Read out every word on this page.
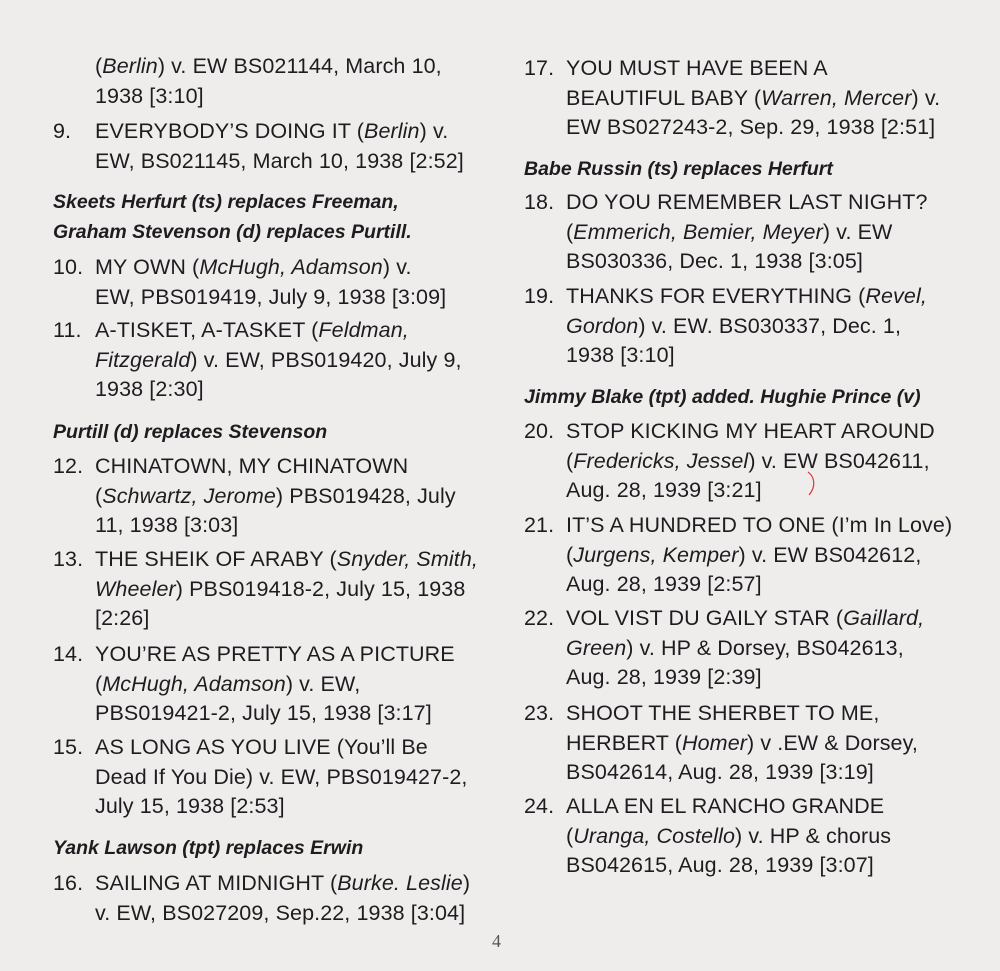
(Berlin) v. EW BS021144, March 10,
1938 [3:10]
9. EVERYBODY’S DOING IT (Berlin) v.
EW, BS021145, March 10, 1938 [2:52]
Skeets Herfurt (ts) replaces Freeman,
Graham Stevenson (d) replaces Purtill.
10. MY OWN (McHugh, Adamson) v.
EW, PBS019419, July 9, 1938 [3:09]
11. A-TISKET, A-TASKET (Feldman,
Fitzgerald) v. EW, PBS019420, July 9,
1938 [2:30]
Purtill (d) replaces Stevenson
12. CHINATOWN, MY CHINATOWN
(Schwartz, Jerome) PBS019428, July
11, 1938 [3:03]
13. THE SHEIK OF ARABY (Snyder, Smith,
Wheeler) PBS019418-2, July 15, 1938
[2:26]
14. YOU’RE AS PRETTY AS A PICTURE
(McHugh, Adamson) v. EW,
PBS019421-2, July 15, 1938 [3:17]
15. AS LONG AS YOU LIVE (You’ll Be
Dead If You Die) v. EW, PBS019427-2,
July 15, 1938 [2:53]
Yank Lawson (tpt) replaces Erwin
16. SAILING AT MIDNIGHT (Burke. Leslie)
v. EW, BS027209, Sep.22, 1938 [3:04]
17. YOU MUST HAVE BEEN A
BEAUTIFUL BABY (Warren, Mercer) v.
EW BS027243-2, Sep. 29, 1938 [2:51]
Babe Russin (ts) replaces Herfurt
18. DO YOU REMEMBER LAST NIGHT?
(Emmerich, Bemier, Meyer) v. EW
BS030336, Dec. 1, 1938 [3:05]
19. THANKS FOR EVERYTHING (Revel,
Gordon) v. EW. BS030337, Dec. 1,
1938 [3:10]
Jimmy Blake (tpt) added. Hughie Prince (v)
20. STOP KICKING MY HEART AROUND
(Fredericks, Jessel) v. EW BS042611,
Aug. 28, 1939 [3:21]
21. IT’S A HUNDRED TO ONE (I’m In Love)
(Jurgens, Kemper) v. EW BS042612,
Aug. 28, 1939 [2:57]
22. VOL VIST DU GAILY STAR (Gaillard,
Green) v. HP & Dorsey, BS042613,
Aug. 28, 1939 [2:39]
23. SHOOT THE SHERBET TO ME,
HERBERT (Homer) v .EW & Dorsey,
BS042614, Aug. 28, 1939 [3:19]
24. ALLA EN EL RANCHO GRANDE
(Uranga, Costello) v. HP & chorus
BS042615, Aug. 28, 1939 [3:07]
4
